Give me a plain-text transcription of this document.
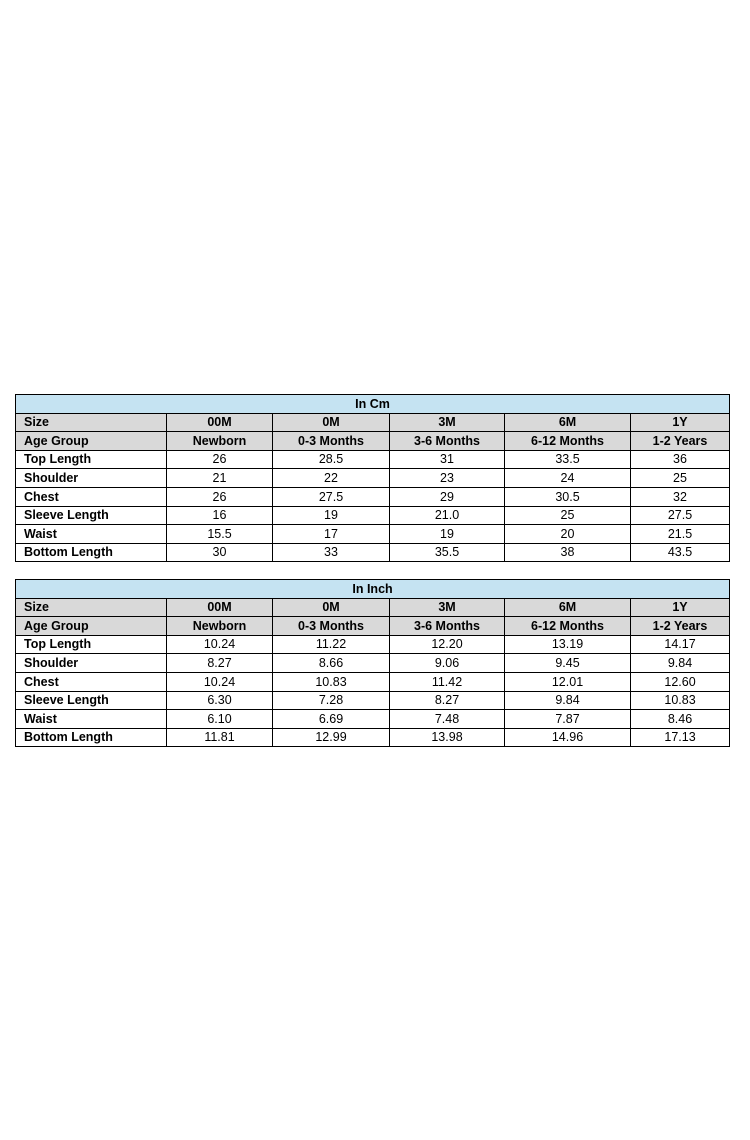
In Cm					
Size	00M	0M	3M	6M	1Y
Age Group	Newborn	0-3 Months	3-6 Months	6-12 Months	1-2 Years
Top Length	26	28.5	31	33.5	36
Shoulder	21	22	23	24	25
Chest	26	27.5	29	30.5	32
Sleeve Length	16	19	21.0	25	27.5
Waist	15.5	17	19	20	21.5
Bottom Length	30	33	35.5	38	43.5
In Inch					
Size	00M	0M	3M	6M	1Y
Age Group	Newborn	0-3 Months	3-6 Months	6-12 Months	1-2 Years
Top Length	10.24	11.22	12.20	13.19	14.17
Shoulder	8.27	8.66	9.06	9.45	9.84
Chest	10.24	10.83	11.42	12.01	12.60
Sleeve Length	6.30	7.28	8.27	9.84	10.83
Waist	6.10	6.69	7.48	7.87	8.46
Bottom Length	11.81	12.99	13.98	14.96	17.13
